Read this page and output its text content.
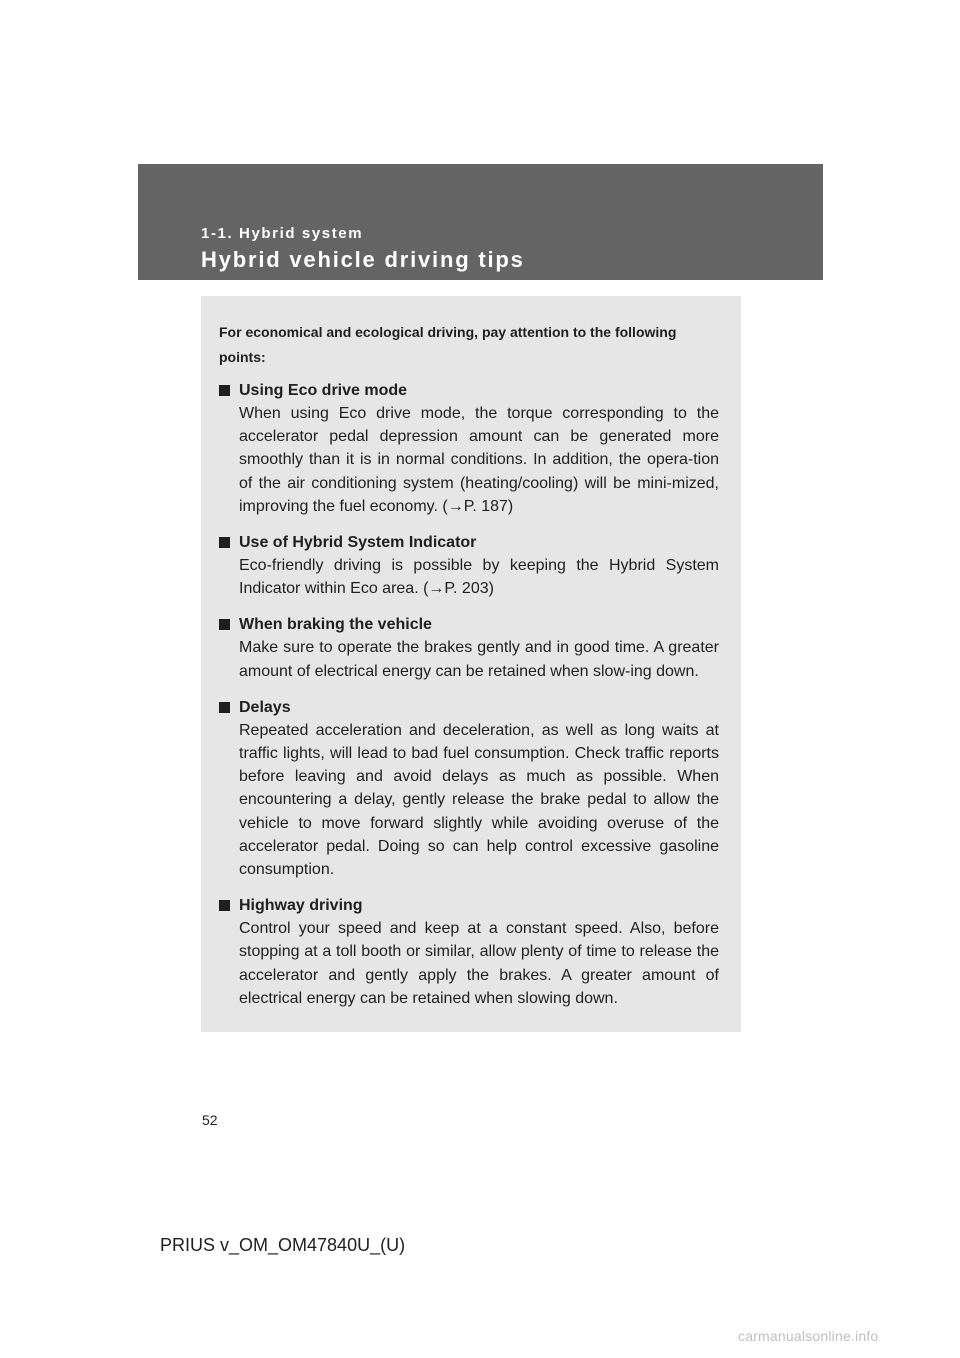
1-1. Hybrid system
Hybrid vehicle driving tips

For economical and ecological driving, pay attention to the following points:

Using Eco drive mode

When using Eco drive mode, the torque corresponding to the accelerator pedal depression amount can be generated more smoothly than it is in normal conditions. In addition, the opera-tion of the air conditioning system (heating/cooling) will be mini-mized, improving the fuel economy. (→P. 187)

Use of Hybrid System Indicator

Eco-friendly driving is possible by keeping the Hybrid System Indicator within Eco area. (→P. 203)

When braking the vehicle

Make sure to operate the brakes gently and in good time. A greater amount of electrical energy can be retained when slow-ing down.

Delays

Repeated acceleration and deceleration, as well as long waits at traffic lights, will lead to bad fuel consumption. Check traffic reports before leaving and avoid delays as much as possible. When encountering a delay, gently release the brake pedal to allow the vehicle to move forward slightly while avoiding overuse of the accelerator pedal. Doing so can help control excessive gasoline consumption.

Highway driving

Control your speed and keep at a constant speed. Also, before stopping at a toll booth or similar, allow plenty of time to release the accelerator and gently apply the brakes. A greater amount of electrical energy can be retained when slowing down.

52
PRIUS v_OM_OM47840U_(U)
carmanualsonline.info
